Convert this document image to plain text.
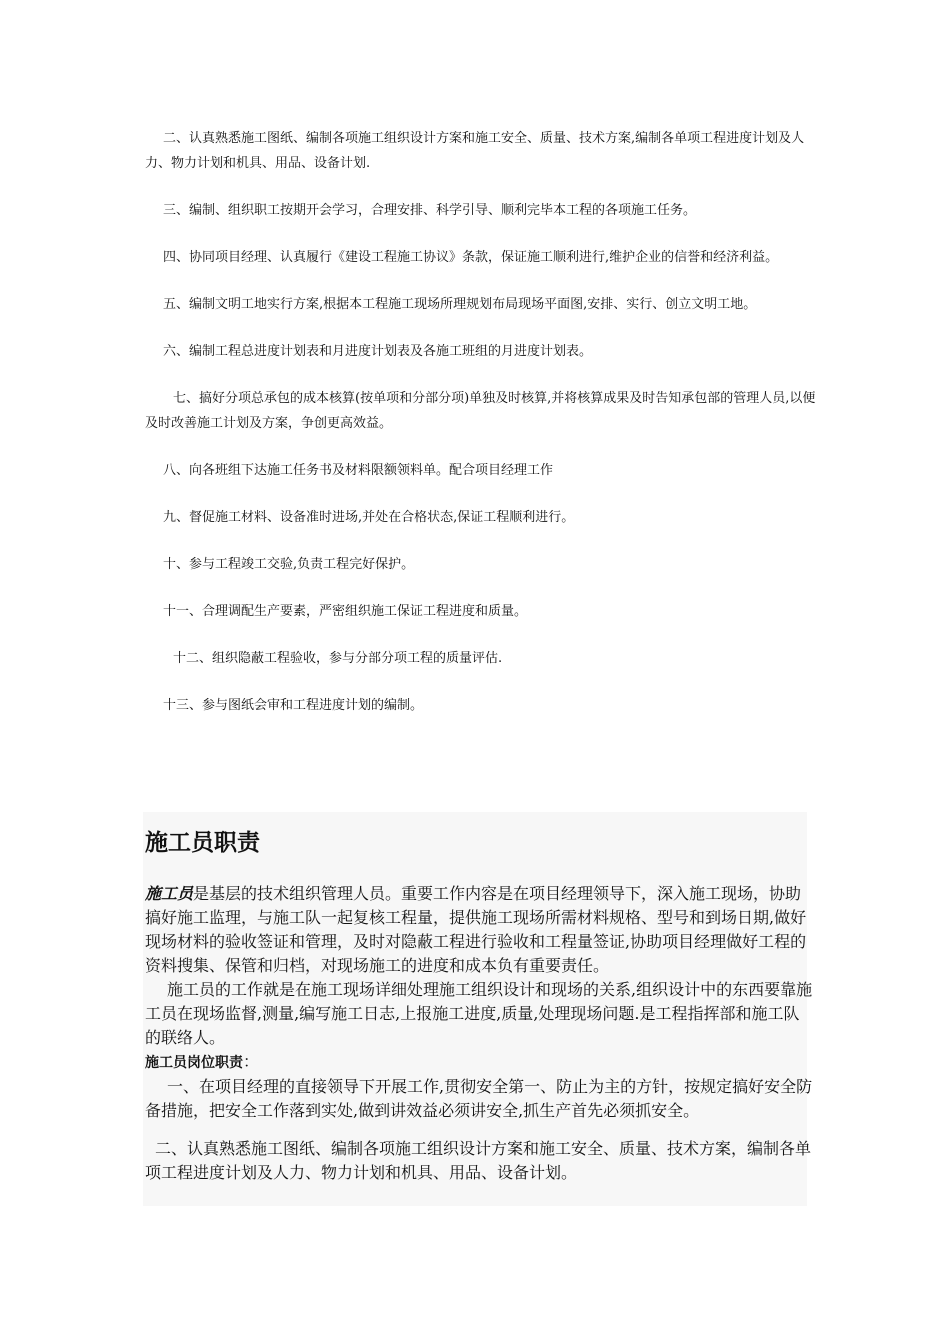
二、认真熟悉施工图纸、编制各项施工组织设计方案和施工安全、质量、技术方案,编制各单项工程进度计划及人力、物力计划和机具、用品、设备计划.

三、编制、组织职工按期开会学习，合理安排、科学引导、顺利完毕本工程的各项施工任务。

四、协同项目经理、认真履行《建设工程施工协议》条款，保证施工顺利进行,维护企业的信誉和经济利益。

五、编制文明工地实行方案,根据本工程施工现场所理规划布局现场平面图,安排、实行、创立文明工地。

六、编制工程总进度计划表和月进度计划表及各施工班组的月进度计划表。

七、搞好分项总承包的成本核算(按单项和分部分项)单独及时核算,并将核算成果及时告知承包部的管理人员,以便及时改善施工计划及方案，争创更高效益。

八、向各班组下达施工任务书及材料限额领料单。配合项目经理工作

九、督促施工材料、设备准时进场,并处在合格状态,保证工程顺利进行。

十、参与工程竣工交验,负责工程完好保护。

十一、合理调配生产要素，严密组织施工保证工程进度和质量。

十二、组织隐蔽工程验收，参与分部分项工程的质量评估.

十三、参与图纸会审和工程进度计划的编制。

施工员职责

施工员是基层的技术组织管理人员。重要工作内容是在项目经理领导下，深入施工现场，协助搞好施工监理，与施工队一起复核工程量，提供施工现场所需材料规格、型号和到场日期,做好现场材料的验收签证和管理，及时对隐蔽工程进行验收和工程量签证,协助项目经理做好工程的资料搜集、保管和归档，对现场施工的进度和成本负有重要责任。

施工员的工作就是在施工现场详细处理施工组织设计和现场的关系,组织设计中的东西要靠施工员在现场监督,测量,编写施工日志,上报施工进度,质量,处理现场问题.是工程指挥部和施工队的联络人。

施工员岗位职责：

一、在项目经理的直接领导下开展工作,贯彻安全第一、防止为主的方针，按规定搞好安全防备措施，把安全工作落到实处,做到讲效益必须讲安全,抓生产首先必须抓安全。

二、认真熟悉施工图纸、编制各项施工组织设计方案和施工安全、质量、技术方案，编制各单项工程进度计划及人力、物力计划和机具、用品、设备计划。
